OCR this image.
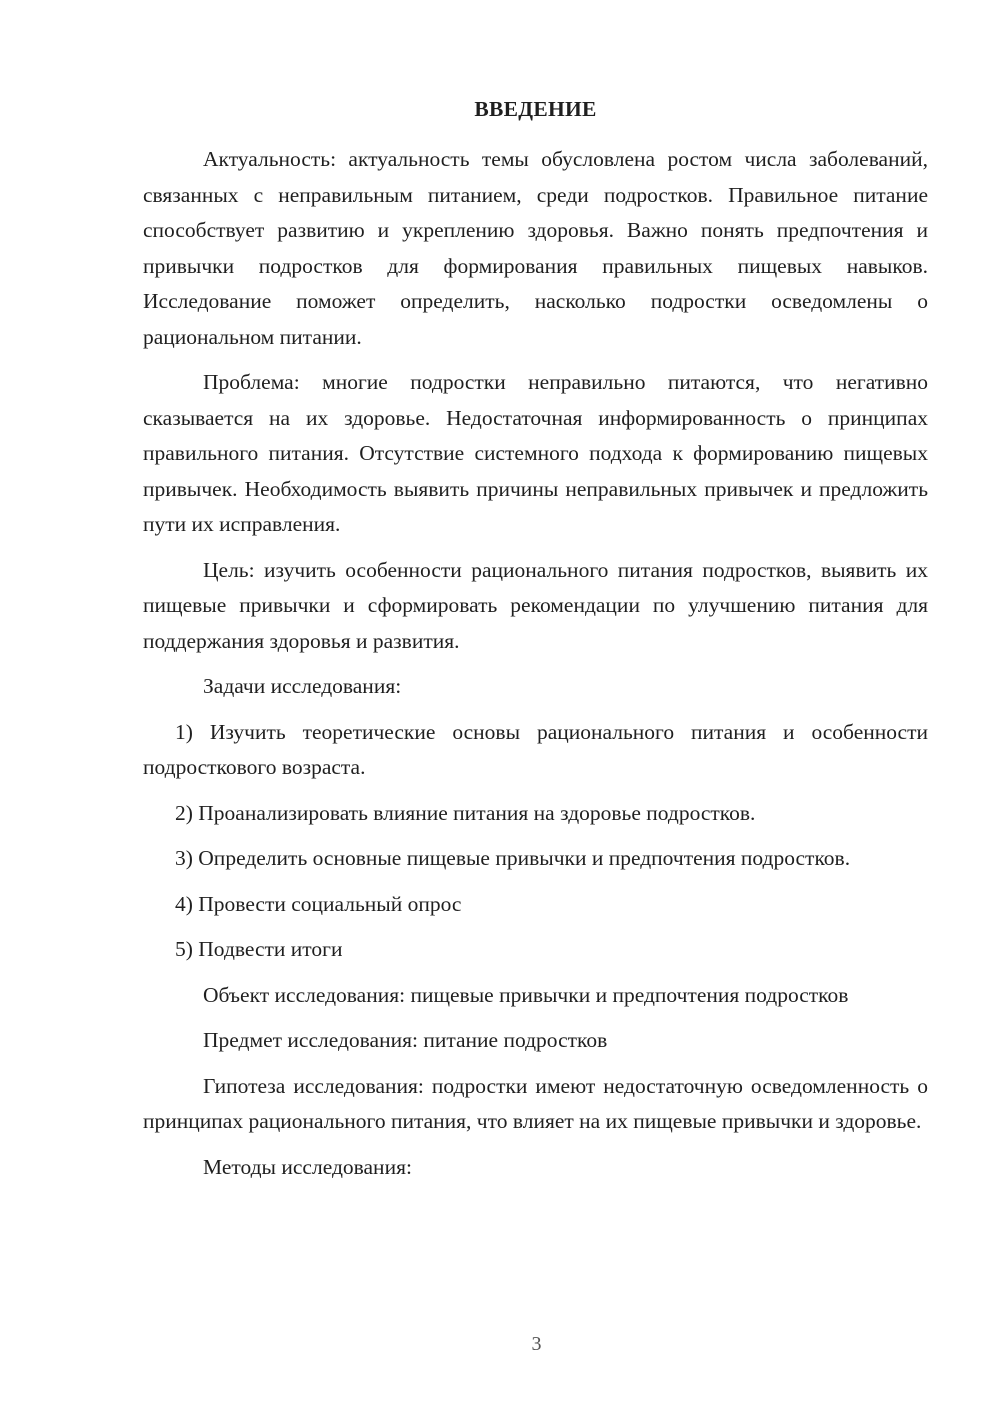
ВВЕДЕНИЕ

Актуальность: актуальность темы обусловлена ростом числа заболеваний, связанных с неправильным питанием, среди подростков. Правильное питание способствует развитию и укреплению здоровья. Важно понять предпочтения и привычки подростков для формирования правильных пищевых навыков. Исследование поможет определить, насколько подростки осведомлены о рациональном питании.

Проблема: многие подростки неправильно питаются, что негативно сказывается на их здоровье. Недостаточная информированность о принципах правильного питания. Отсутствие системного подхода к формированию пищевых привычек. Необходимость выявить причины неправильных привычек и предложить пути их исправления.

Цель: изучить особенности рационального питания подростков, выявить их пищевые привычки и сформировать рекомендации по улучшению питания для поддержания здоровья и развития.

Задачи исследования:

1) Изучить теоретические основы рационального питания и особенности подросткового возраста.

2) Проанализировать влияние питания на здоровье подростков.

3) Определить основные пищевые привычки и предпочтения подростков.

4) Провести социальный опрос

5) Подвести итоги

Объект исследования: пищевые привычки и предпочтения подростков

Предмет исследования: питание подростков

Гипотеза исследования: подростки имеют недостаточную осведомленность о принципах рационального питания, что влияет на их пищевые привычки и здоровье.

Методы исследования:

3
